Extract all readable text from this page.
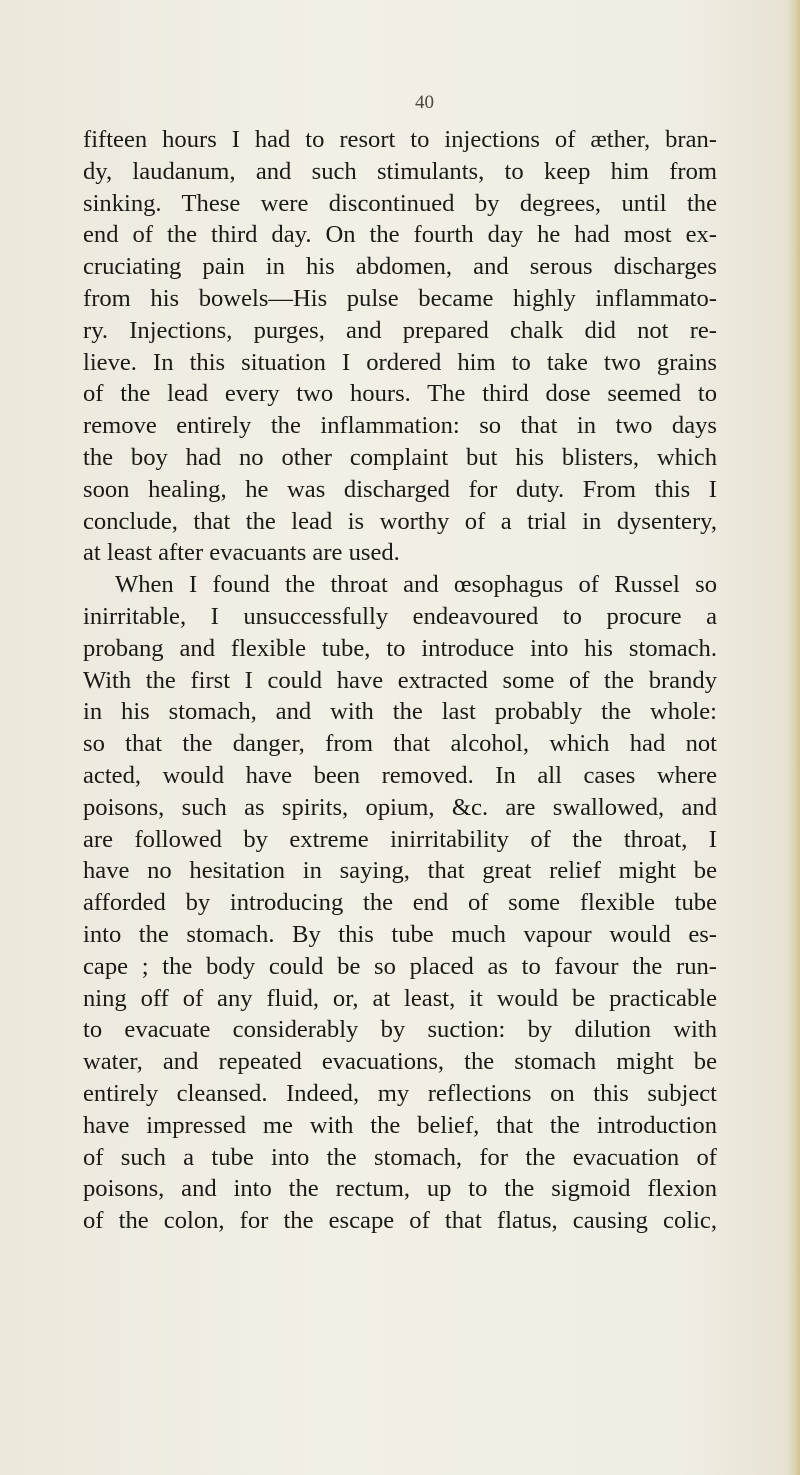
40
fifteen hours I had to resort to injections of æther, bran-
dy, laudanum, and such stimulants, to keep him from
sinking. These were discontinued by degrees, until the
end of the third day. On the fourth day he had most ex-
cruciating pain in his abdomen, and serous discharges
from his bowels—His pulse became highly inflammato-
ry. Injections, purges, and prepared chalk did not re-
lieve. In this situation I ordered him to take two grains
of the lead every two hours. The third dose seemed to
remove entirely the inflammation: so that in two days
the boy had no other complaint but his blisters, which
soon healing, he was discharged for duty. From this I
conclude, that the lead is worthy of a trial in dysentery,
at least after evacuants are used.
When I found the throat and œsophagus of Russel so
inirritable, I unsuccessfully endeavoured to procure a
probang and flexible tube, to introduce into his stomach.
With the first I could have extracted some of the brandy
in his stomach, and with the last probably the whole:
so that the danger, from that alcohol, which had not
acted, would have been removed. In all cases where
poisons, such as spirits, opium, &c. are swallowed, and
are followed by extreme inirritability of the throat, I
have no hesitation in saying, that great relief might be
afforded by introducing the end of some flexible tube
into the stomach. By this tube much vapour would es-
cape ; the body could be so placed as to favour the run-
ning off of any fluid, or, at least, it would be practicable
to evacuate considerably by suction: by dilution with
water, and repeated evacuations, the stomach might be
entirely cleansed. Indeed, my reflections on this subject
have impressed me with the belief, that the introduction
of such a tube into the stomach, for the evacuation of
poisons, and into the rectum, up to the sigmoid flexion
of the colon, for the escape of that flatus, causing colic,
